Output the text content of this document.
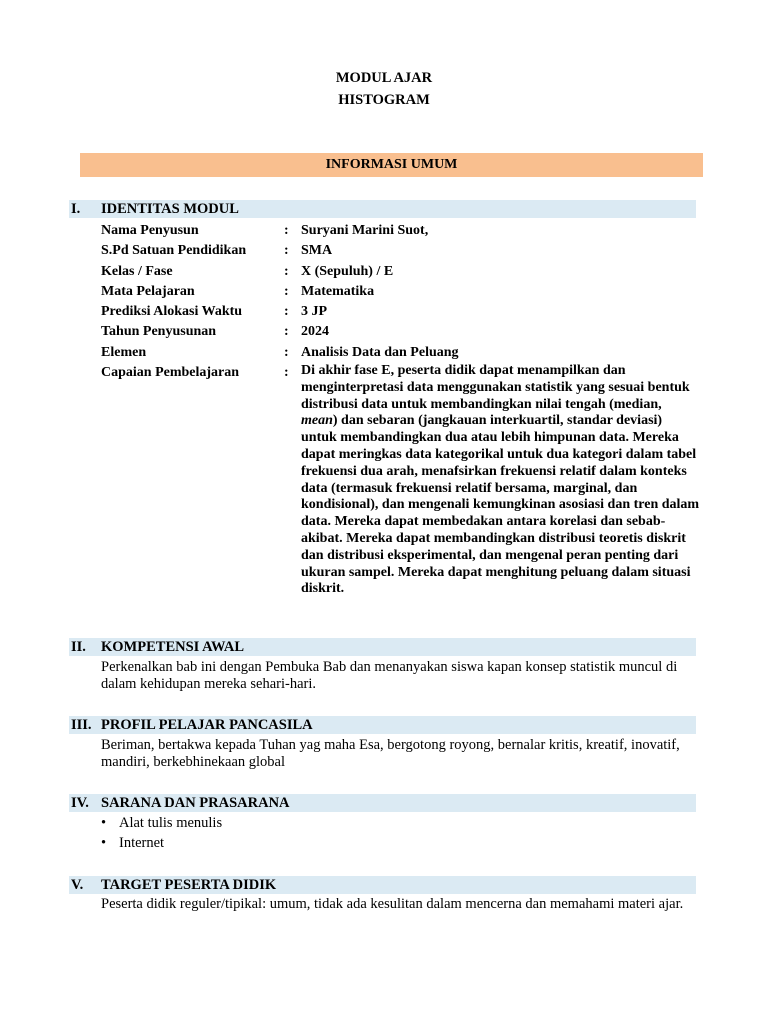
MODUL AJAR
HISTOGRAM
INFORMASI UMUM
I. IDENTITAS MODUL
Nama Penyusun	: Suryani Marini Suot,
S.Pd Satuan Pendidikan	: SMA
Kelas / Fase	: X (Sepuluh) / E
Mata Pelajaran	: Matematika
Prediksi Alokasi Waktu	: 3 JP
Tahun Penyusunan	: 2024
Elemen	: Analisis Data dan Peluang
Capaian Pembelajaran	: Di akhir fase E, peserta didik dapat menampilkan dan menginterpretasi data menggunakan statistik yang sesuai bentuk distribusi data untuk membandingkan nilai tengah (median, mean) dan sebaran (jangkauan interkuartil, standar deviasi) untuk membandingkan dua atau lebih himpunan data. Mereka dapat meringkas data kategorikal untuk dua kategori dalam tabel frekuensi dua arah, menafsirkan frekuensi relatif dalam konteks data (termasuk frekuensi relatif bersama, marginal, dan kondisional), dan mengenali kemungkinan asosiasi dan tren dalam data. Mereka dapat membedakan antara korelasi dan sebab-akibat. Mereka dapat membandingkan distribusi teoretis diskrit dan distribusi eksperimental, dan mengenal peran penting dari ukuran sampel. Mereka dapat menghitung peluang dalam situasi diskrit.
II. KOMPETENSI AWAL
Perkenalkan bab ini dengan Pembuka Bab dan menanyakan siswa kapan konsep statistik muncul di dalam kehidupan mereka sehari-hari.
III. PROFIL PELAJAR PANCASILA
Beriman, bertakwa kepada Tuhan yag maha Esa, bergotong royong, bernalar kritis, kreatif, inovatif, mandiri, berkebhinekaan global
IV. SARANA DAN PRASARANA
• Alat tulis menulis
• Internet
V. TARGET PESERTA DIDIK
Peserta didik reguler/tipikal: umum, tidak ada kesulitan dalam mencerna dan memahami materi ajar.
